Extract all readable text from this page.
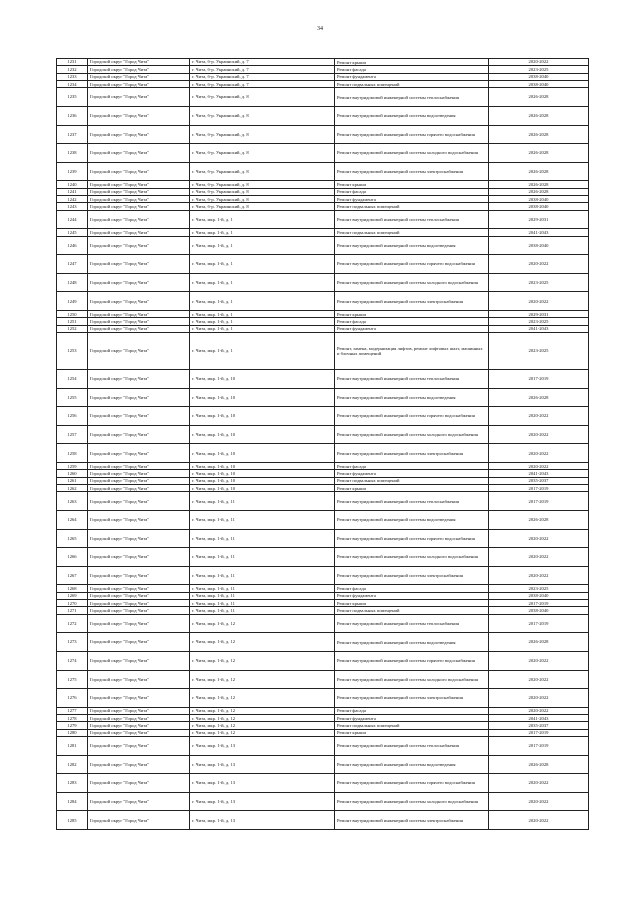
34
1231	Городской округ "Город Чита"	г. Чита, б-р. Украинский, д. 7	Ремонт крыши	2020-2022
1232	Городской округ "Город Чита"	г. Чита, б-р. Украинский, д. 7	Ремонт фасада	2023-2025
1233	Городской округ "Город Чита"	г. Чита, б-р. Украинский, д. 7	Ремонт фундамента	2038-2040
1234	Городской округ "Город Чита"	г. Чита, б-р. Украинский, д. 7	Ремонт подвальных помещений	2038-2040
1235	Городской округ "Город Чита"	г. Чита, б-р. Украинский, д. 8	Ремонт внутридомовой инженерной системы теплоснабжения	2026-2028
1236	Городской округ "Город Чита"	г. Чита, б-р. Украинский, д. 8	Ремонт внутридомовой инженерной системы водоотведения	2026-2028
1237	Городской округ "Город Чита"	г. Чита, б-р. Украинский, д. 8	Ремонт внутридомовой инженерной системы горячего водоснабжения	2026-2028
1238	Городской округ "Город Чита"	г. Чита, б-р. Украинский, д. 8	Ремонт внутридомовой инженерной системы холодного водоснабжения	2026-2028
1239	Городской округ "Город Чита"	г. Чита, б-р. Украинский, д. 8	Ремонт внутридомовой инженерной системы электроснабжения	2026-2028
1240	Городской округ "Город Чита"	г. Чита, б-р. Украинский, д. 8	Ремонт крыши	2026-2028
1241	Городской округ "Город Чита"	г. Чита, б-р. Украинский, д. 8	Ремонт фасада	2026-2028
1242	Городской округ "Город Чита"	г. Чита, б-р. Украинский, д. 8	Ремонт фундамента	2038-2040
1243	Городской округ "Город Чита"	г. Чита, б-р. Украинский, д. 8	Ремонт подвальных помещений	2038-2040
1244	Городской округ "Город Чита"	г. Чита, мкр. 1-й, д. 1	Ремонт внутридомовой инженерной системы теплоснабжения	2029-2031
1245	Городской округ "Город Чита"	г. Чита, мкр. 1-й, д. 1	Ремонт подвальных помещений	2041-2043
1246	Городской округ "Город Чита"	г. Чита, мкр. 1-й, д. 1	Ремонт внутридомовой инженерной системы водоотведения	2038-2040
1247	Городской округ "Город Чита"	г. Чита, мкр. 1-й, д. 1	Ремонт внутридомовой инженерной системы горячего водоснабжения	2020-2022
1248	Городской округ "Город Чита"	г. Чита, мкр. 1-й, д. 1	Ремонт внутридомовой инженерной системы холодного водоснабжения	2023-2025
1249	Городской округ "Город Чита"	г. Чита, мкр. 1-й, д. 1	Ремонт внутридомовой инженерной системы электроснабжения	2020-2022
1250	Городской округ "Город Чита"	г. Чита, мкр. 1-й, д. 1	Ремонт крыши	2029-2031
1251	Городской округ "Город Чита"	г. Чита, мкр. 1-й, д. 1	Ремонт фасада	2023-2025
1252	Городской округ "Город Чита"	г. Чита, мкр. 1-й, д. 1	Ремонт фундамента	2041-2043
1253	Городской округ "Город Чита"	г. Чита, мкр. 1-й, д. 1	Ремонт, замена, модернизация лифтов, ремонт лифтовых шахт, машинных и блочных помещений	2023-2025
1254	Городской округ "Город Чита"	г. Чита, мкр. 1-й, д. 10	Ремонт внутридомовой инженерной системы теплоснабжения	2017-2019
1255	Городской округ "Город Чита"	г. Чита, мкр. 1-й, д. 10	Ремонт внутридомовой инженерной системы водоотведения	2026-2028
1256	Городской округ "Город Чита"	г. Чита, мкр. 1-й, д. 10	Ремонт внутридомовой инженерной системы горячего водоснабжения	2020-2022
1257	Городской округ "Город Чита"	г. Чита, мкр. 1-й, д. 10	Ремонт внутридомовой инженерной системы холодного водоснабжения	2020-2022
1258	Городской округ "Город Чита"	г. Чита, мкр. 1-й, д. 10	Ремонт внутридомовой инженерной системы электроснабжения	2020-2022
1259	Городской округ "Город Чита"	г. Чита, мкр. 1-й, д. 10	Ремонт фасада	2020-2022
1260	Городской округ "Город Чита"	г. Чита, мкр. 1-й, д. 10	Ремонт фундамента	2041-2043
1261	Городской округ "Город Чита"	г. Чита, мкр. 1-й, д. 10	Ремонт подвальных помещений	2035-2037
1262	Городской округ "Город Чита"	г. Чита, мкр. 1-й, д. 10	Ремонт крыши	2017-2019
1263	Городской округ "Город Чита"	г. Чита, мкр. 1-й, д. 11	Ремонт внутридомовой инженерной системы теплоснабжения	2017-2019
1264	Городской округ "Город Чита"	г. Чита, мкр. 1-й, д. 11	Ремонт внутридомовой инженерной системы водоотведения	2026-2028
1265	Городской округ "Город Чита"	г. Чита, мкр. 1-й, д. 11	Ремонт внутридомовой инженерной системы горячего водоснабжения	2020-2022
1266	Городской округ "Город Чита"	г. Чита, мкр. 1-й, д. 11	Ремонт внутридомовой инженерной системы холодного водоснабжения	2020-2022
1267	Городской округ "Город Чита"	г. Чита, мкр. 1-й, д. 11	Ремонт внутридомовой инженерной системы электроснабжения	2020-2022
1268	Городской округ "Город Чита"	г. Чита, мкр. 1-й, д. 11	Ремонт фасада	2023-2025
1269	Городской округ "Город Чита"	г. Чита, мкр. 1-й, д. 11	Ремонт фундамента	2038-2040
1270	Городской округ "Город Чита"	г. Чита, мкр. 1-й, д. 11	Ремонт крыши	2017-2019
1271	Городской округ "Город Чита"	г. Чита, мкр. 1-й, д. 11	Ремонт подвальных помещений	2038-2040
1272	Городской округ "Город Чита"	г. Чита, мкр. 1-й, д. 12	Ремонт внутридомовой инженерной системы теплоснабжения	2017-2019
1273	Городской округ "Город Чита"	г. Чита, мкр. 1-й, д. 12	Ремонт внутридомовой инженерной системы водоотведения	2026-2028
1274	Городской округ "Город Чита"	г. Чита, мкр. 1-й, д. 12	Ремонт внутридомовой инженерной системы горячего водоснабжения	2020-2022
1275	Городской округ "Город Чита"	г. Чита, мкр. 1-й, д. 12	Ремонт внутридомовой инженерной системы холодного водоснабжения	2020-2022
1276	Городской округ "Город Чита"	г. Чита, мкр. 1-й, д. 12	Ремонт внутридомовой инженерной системы электроснабжения	2020-2022
1277	Городской округ "Город Чита"	г. Чита, мкр. 1-й, д. 12	Ремонт фасада	2020-2022
1278	Городской округ "Город Чита"	г. Чита, мкр. 1-й, д. 12	Ремонт фундамента	2041-2043
1279	Городской округ "Город Чита"	г. Чита, мкр. 1-й, д. 12	Ремонт подвальных помещений	2035-2037
1280	Городской округ "Город Чита"	г. Чита, мкр. 1-й, д. 12	Ремонт крыши	2017-2019
1281	Городской округ "Город Чита"	г. Чита, мкр. 1-й, д. 13	Ремонт внутридомовой инженерной системы теплоснабжения	2017-2019
1282	Городской округ "Город Чита"	г. Чита, мкр. 1-й, д. 13	Ремонт внутридомовой инженерной системы водоотведения	2026-2028
1283	Городской округ "Город Чита"	г. Чита, мкр. 1-й, д. 13	Ремонт внутридомовой инженерной системы горячего водоснабжения	2020-2022
1284	Городской округ "Город Чита"	г. Чита, мкр. 1-й, д. 13	Ремонт внутридомовой инженерной системы холодного водоснабжения	2020-2022
1285	Городской округ "Город Чита"	г. Чита, мкр. 1-й, д. 13	Ремонт внутридомовой инженерной системы электроснабжения	2020-2022
